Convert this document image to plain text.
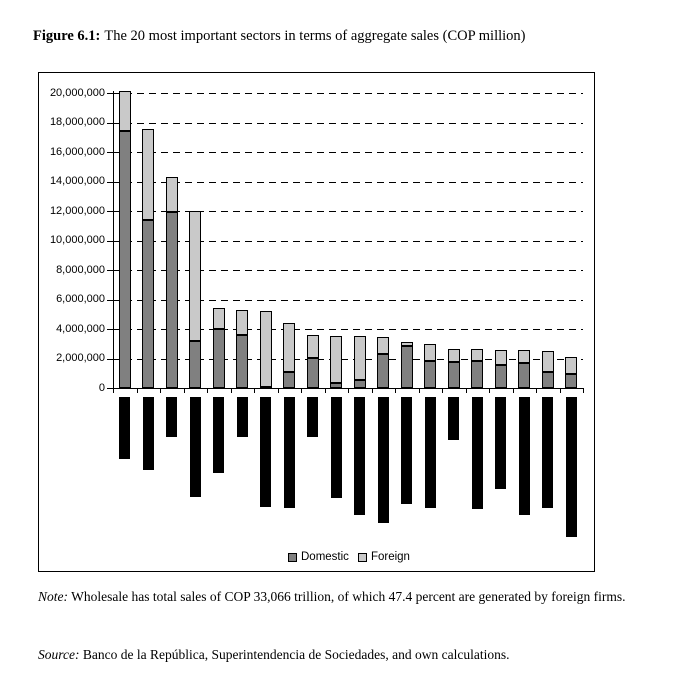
Figure 6.1: The 20 most important sectors in terms of aggregate sales (COP million)
0
2,000,000
4,000,000
6,000,000
8,000,000
10,000,000
12,000,000
14,000,000
16,000,000
18,000,000
20,000,000
Domestic Foreign
Note: Wholesale has total sales of COP 33,066 trillion, of which 47.4 percent are generated by foreign firms.
Source: Banco de la República, Superintendencia de Sociedades, and own calculations.
